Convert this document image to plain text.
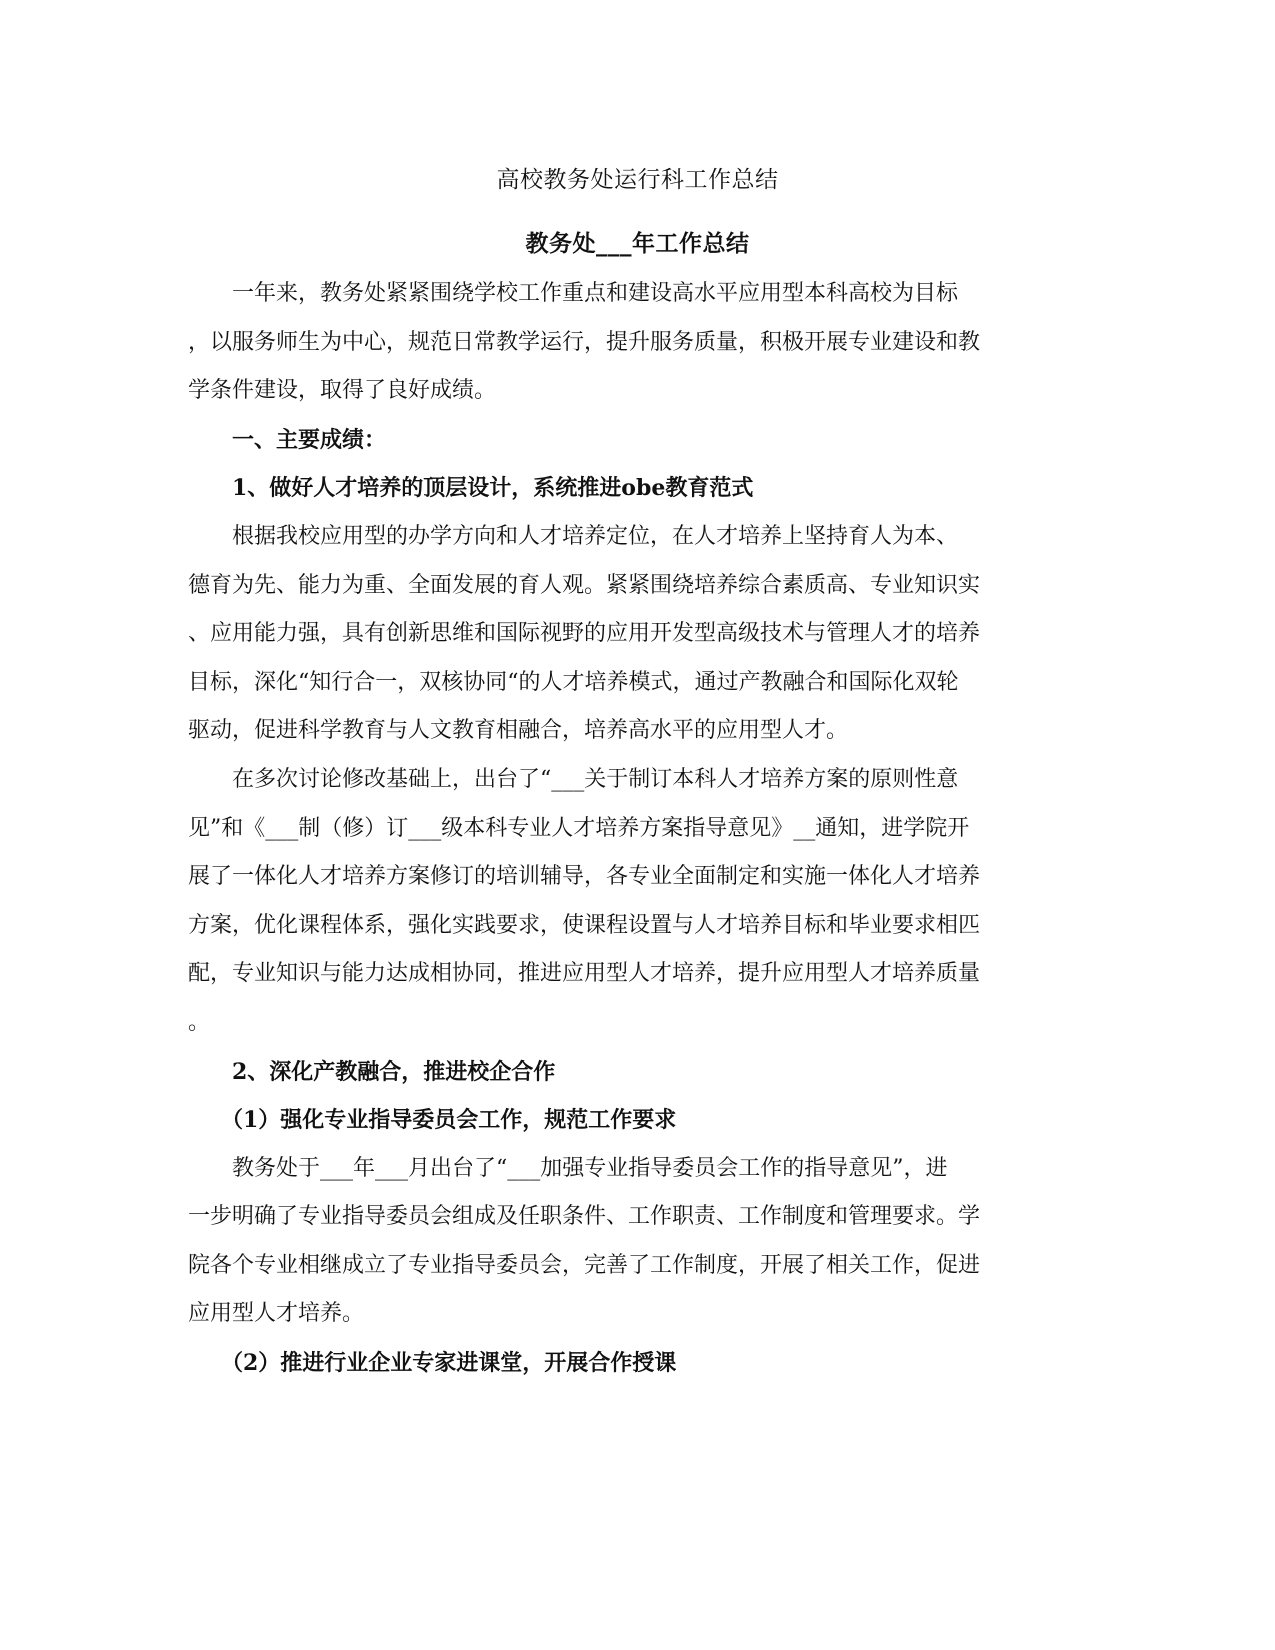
高校教务处运行科工作总结
教务处___年工作总结

一年来，教务处紧紧围绕学校工作重点和建设高水平应用型本科高校为目标
，以服务师生为中心，规范日常教学运行，提升服务质量，积极开展专业建设和教
学条件建设，取得了良好成绩。

一、主要成绩：

1、做好人才培养的顶层设计，系统推进obe教育范式

根据我校应用型的办学方向和人才培养定位，在人才培养上坚持育人为本、
德育为先、能力为重、全面发展的育人观。紧紧围绕培养综合素质高、专业知识实
、应用能力强，具有创新思维和国际视野的应用开发型高级技术与管理人才的培养
目标，深化“知行合一，双核协同“的人才培养模式，通过产教融合和国际化双轮
驱动，促进科学教育与人文教育相融合，培养高水平的应用型人才。

在多次讨论修改基础上，出台了“___关于制订本科人才培养方案的原则性意
见”和《___制（修）订___级本科专业人才培养方案指导意见》__通知，进学院开
展了一体化人才培养方案修订的培训辅导，各专业全面制定和实施一体化人才培养
方案，优化课程体系，强化实践要求，使课程设置与人才培养目标和毕业要求相匹
配，专业知识与能力达成相协同，推进应用型人才培养，提升应用型人才培养质量
。

2、深化产教融合，推进校企合作

（1）强化专业指导委员会工作，规范工作要求

教务处于___年___月出台了“___加强专业指导委员会工作的指导意见”，进
一步明确了专业指导委员会组成及任职条件、工作职责、工作制度和管理要求。学
院各个专业相继成立了专业指导委员会，完善了工作制度，开展了相关工作，促进
应用型人才培养。

（2）推进行业企业专家进课堂，开展合作授课
